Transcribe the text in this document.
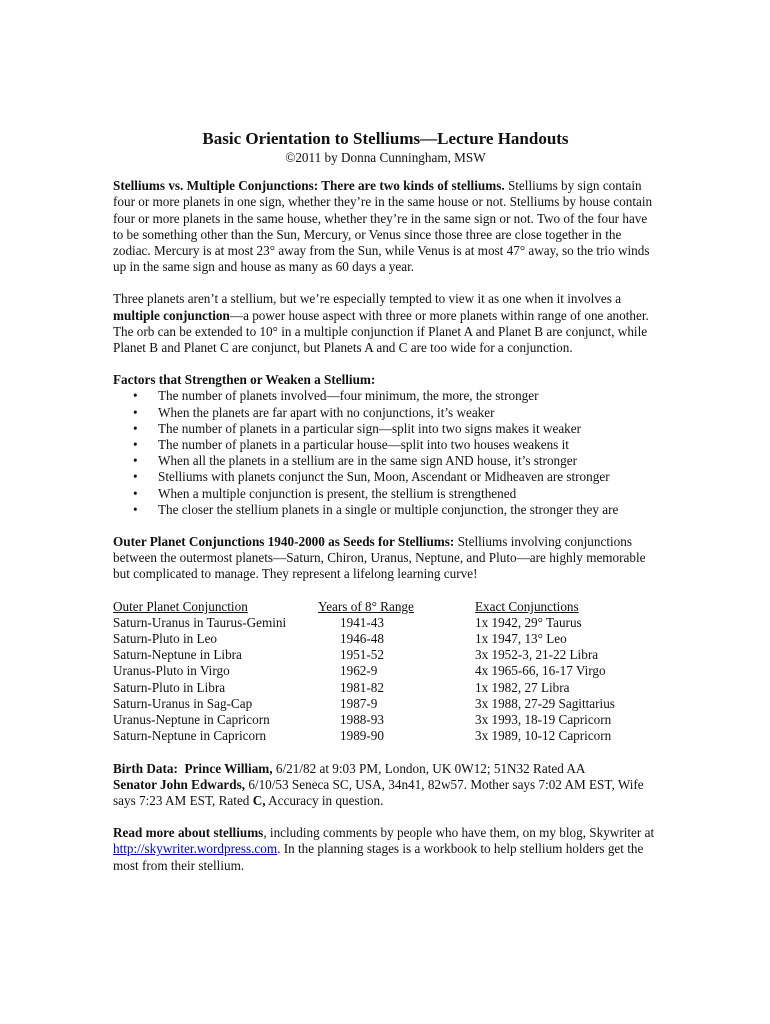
Basic Orientation to Stelliums—Lecture Handouts
©2011 by Donna Cunningham, MSW

Stelliums vs. Multiple Conjunctions: There are two kinds of stelliums. Stelliums by sign contain four or more planets in one sign, whether they’re in the same house or not. Stelliums by house contain four or more planets in the same house, whether they’re in the same sign or not. Two of the four have to be something other than the Sun, Mercury, or Venus since those three are close together in the zodiac. Mercury is at most 23° away from the Sun, while Venus is at most 47° away, so the trio winds up in the same sign and house as many as 60 days a year.

Three planets aren’t a stellium, but we’re especially tempted to view it as one when it involves a multiple conjunction—a power house aspect with three or more planets within range of one another. The orb can be extended to 10° in a multiple conjunction if Planet A and Planet B are conjunct, while Planet B and Planet C are conjunct, but Planets A and C are too wide for a conjunction.

Factors that Strengthen or Weaken a Stellium:
• The number of planets involved—four minimum, the more, the stronger
• When the planets are far apart with no conjunctions, it’s weaker
• The number of planets in a particular sign—split into two signs makes it weaker
• The number of planets in a particular house—split into two houses weakens it
• When all the planets in a stellium are in the same sign AND house, it’s stronger
• Stelliums with planets conjunct the Sun, Moon, Ascendant or Midheaven are stronger
• When a multiple conjunction is present, the stellium is strengthened
• The closer the stellium planets in a single or multiple conjunction, the stronger they are

Outer Planet Conjunctions 1940-2000 as Seeds for Stelliums: Stelliums involving conjunctions between the outermost planets—Saturn, Chiron, Uranus, Neptune, and Pluto—are highly memorable but complicated to manage. They represent a lifelong learning curve!

Outer Planet Conjunction	Years of 8° Range	Exact Conjunctions
Saturn-Uranus in Taurus-Gemini	1941-43	1x 1942, 29° Taurus
Saturn-Pluto in Leo	1946-48	1x 1947, 13° Leo
Saturn-Neptune in Libra	1951-52	3x 1952-3, 21-22 Libra
Uranus-Pluto in Virgo	1962-9	4x 1965-66, 16-17 Virgo
Saturn-Pluto in Libra	1981-82	1x 1982, 27 Libra
Saturn-Uranus in Sag-Cap	1987-9	3x 1988, 27-29 Sagittarius
Uranus-Neptune in Capricorn	1988-93	3x 1993, 18-19 Capricorn
Saturn-Neptune in Capricorn	1989-90	3x 1989, 10-12 Capricorn

Birth Data: Prince William, 6/21/82 at 9:03 PM, London, UK 0W12; 51N32 Rated AA
Senator John Edwards, 6/10/53 Seneca SC, USA, 34n41, 82w57. Mother says 7:02 AM EST, Wife says 7:23 AM EST, Rated C, Accuracy in question.

Read more about stelliums, including comments by people who have them, on my blog, Skywriter at http://skywriter.wordpress.com. In the planning stages is a workbook to help stellium holders get the most from their stellium.
